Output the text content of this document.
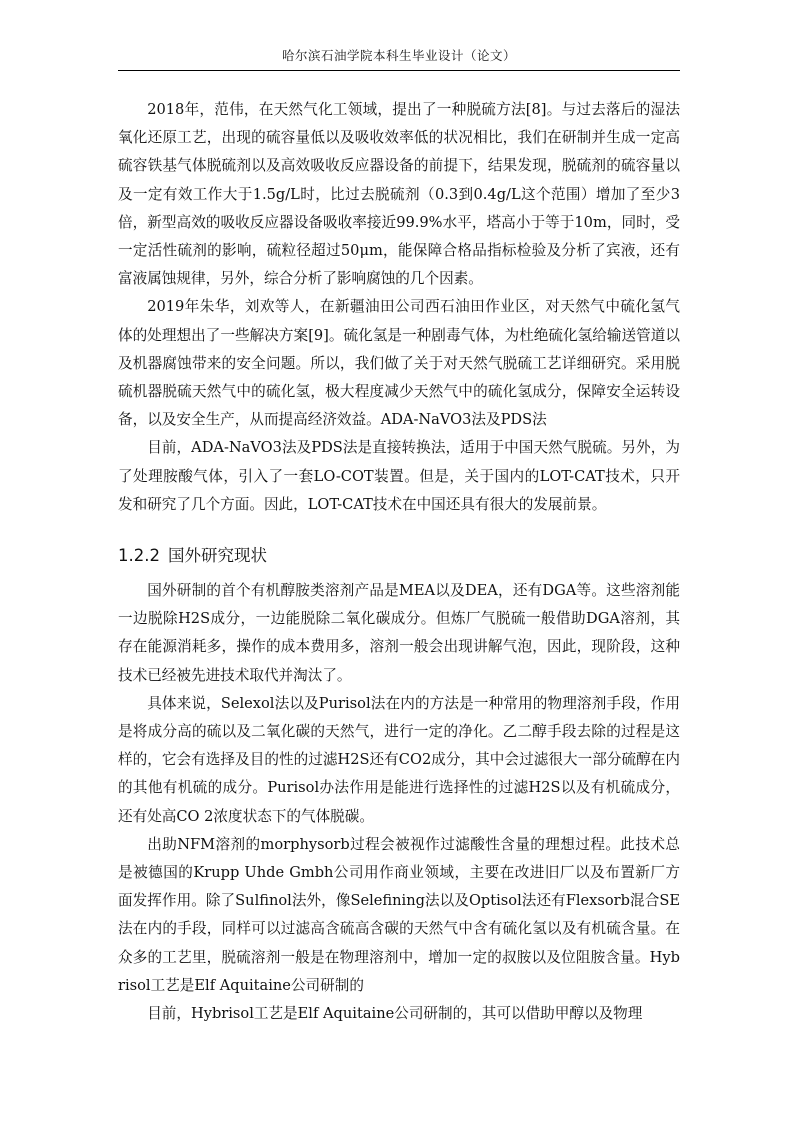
哈尔滨石油学院本科生毕业设计（论文）

2018年，范伟，在天然气化工领域，提出了一种脱硫方法[8]。与过去落后的湿法氧化还原工艺，出现的硫容量低以及吸收效率低的状况相比，我们在研制并生成一定高硫容铁基气体脱硫剂以及高效吸收反应器设备的前提下，结果发现，脱硫剂的硫容量以及一定有效工作大于1.5g/L时，比过去脱硫剂（0.3到0.4g/L这个范围）增加了至少3倍，新型高效的吸收反应器设备吸收率接近99.9%水平，塔高小于等于10m，同时，受一定活性硫剂的影响，硫粒径超过50μm，能保障合格品指标检验及分析了宾液，还有富液属蚀规律，另外，综合分析了影响腐蚀的几个因素。

2019年朱华，刘欢等人，在新疆油田公司西石油田作业区，对天然气中硫化氢气体的处理想出了一些解决方案[9]。硫化氢是一种剧毒气体，为杜绝硫化氢给输送管道以及机器腐蚀带来的安全问题。所以，我们做了关于对天然气脱硫工艺详细研究。采用脱硫机器脱硫天然气中的硫化氢，极大程度减少天然气中的硫化氢成分，保障安全运转设备，以及安全生产，从而提高经济效益。ADA-NaVO3法及PDS法

目前，ADA-NaVO3法及PDS法是直接转换法，适用于中国天然气脱硫。另外，为了处理胺酸气体，引入了一套LO-COT装置。但是，关于国内的LOT-CAT技术，只开发和研究了几个方面。因此，LOT-CAT技术在中国还具有很大的发展前景。

1.2.2 国外研究现状

国外研制的首个有机醇胺类溶剂产品是MEA以及DEA，还有DGA等。这些溶剂能一边脱除H2S成分，一边能脱除二氧化碳成分。但炼厂气脱硫一般借助DGA溶剂，其存在能源消耗多，操作的成本费用多，溶剂一般会出现讲解气泡，因此，现阶段，这种技术已经被先进技术取代并淘汰了。

具体来说，Selexol法以及Purisol法在内的方法是一种常用的物理溶剂手段，作用是将成分高的硫以及二氧化碳的天然气，进行一定的净化。乙二醇手段去除的过程是这样的，它会有选择及目的性的过滤H2S还有CO2成分，其中会过滤很大一部分硫醇在内的其他有机硫的成分。Purisol办法作用是能进行选择性的过滤H2S以及有机硫成分，还有处高CO 2浓度状态下的气体脱碳。

出助NFM溶剂的morphysorb过程会被视作过滤酸性含量的理想过程。此技术总是被德国的Krupp Uhde Gmbh公司用作商业领域，主要在改进旧厂以及布置新厂方面发挥作用。除了Sulfinol法外，像Selefining法以及Optisol法还有Flexsorb混合SE法在内的手段，同样可以过滤高含硫高含碳的天然气中含有硫化氢以及有机硫含量。在众多的工艺里，脱硫溶剂一般是在物理溶剂中，增加一定的叔胺以及位阻胺含量。Hybrisol工艺是Elf Aquitaine公司研制的

目前，Hybrisol工艺是Elf Aquitaine公司研制的，其可以借助甲醇以及物理
